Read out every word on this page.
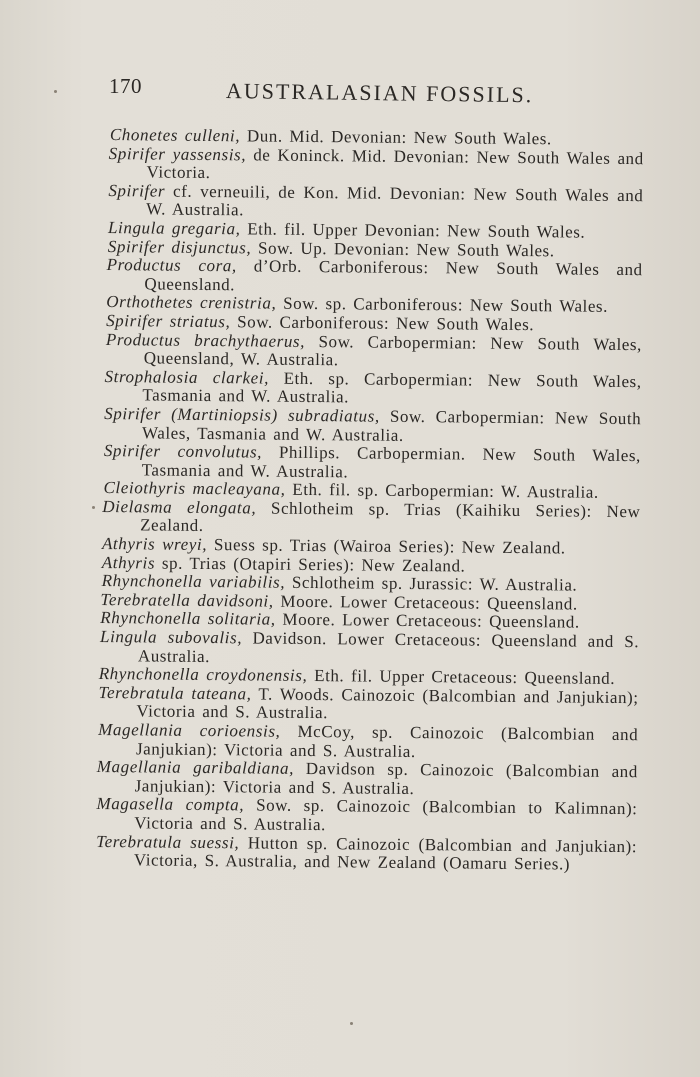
170	AUSTRALASIAN FOSSILS.

Chonetes culleni, Dun. Mid. Devonian: New South Wales.

Spirifer yassensis, de Koninck. Mid. Devonian: New South Wales and Victoria.

Spirifer cf. verneuili, de Kon. Mid. Devonian: New South Wales and W. Australia.

Lingula gregaria, Eth. fil. Upper Devonian: New South Wales.

Spirifer disjunctus, Sow. Up. Devonian: New South Wales.

Productus cora, d’Orb. Carboniferous: New South Wales and Queensland.

Orthothetes crenistria, Sow. sp. Carboniferous: New South Wales.

Spirifer striatus, Sow. Carboniferous: New South Wales.

Productus brachythaerus, Sow. Carbopermian: New South Wales, Queensland, W. Australia.

Strophalosia clarkei, Eth. sp. Carbopermian: New South Wales, Tasmania and W. Australia.

Spirifer (Martiniopsis) subradiatus, Sow. Carbopermian: New South Wales, Tasmania and W. Australia.

Spirifer convolutus, Phillips. Carbopermian. New South Wales, Tasmania and W. Australia.

Cleiothyris macleayana, Eth. fil. sp. Carbopermian: W. Australia.

Dielasma elongata, Schlotheim sp. Trias (Kaihiku Series): New Zealand.

Athyris wreyi, Suess sp. Trias (Wairoa Series): New Zealand.

Athyris sp. Trias (Otapiri Series): New Zealand.

Rhynchonella variabilis, Schlotheim sp. Jurassic: W. Australia.

Terebratella davidsoni, Moore. Lower Cretaceous: Queensland.

Rhynchonella solitaria, Moore. Lower Cretaceous: Queensland.

Lingula subovalis, Davidson. Lower Cretaceous: Queensland and S. Australia.

Rhynchonella croydonensis, Eth. fil. Upper Cretaceous: Queensland.

Terebratula tateana, T. Woods. Cainozoic (Balcombian and Janjukian); Victoria and S. Australia.

Magellania corioensis, McCoy, sp. Cainozoic (Balcombian and Janjukian): Victoria and S. Australia.

Magellania garibaldiana, Davidson sp. Cainozoic (Balcombian and Janjukian): Victoria and S. Australia.

Magasella compta, Sow. sp. Cainozoic (Balcombian to Kalimnan): Victoria and S. Australia.

Terebratula suessi, Hutton sp. Cainozoic (Balcombian and Janjukian): Victoria, S. Australia, and New Zealand (Oamaru Series.)
